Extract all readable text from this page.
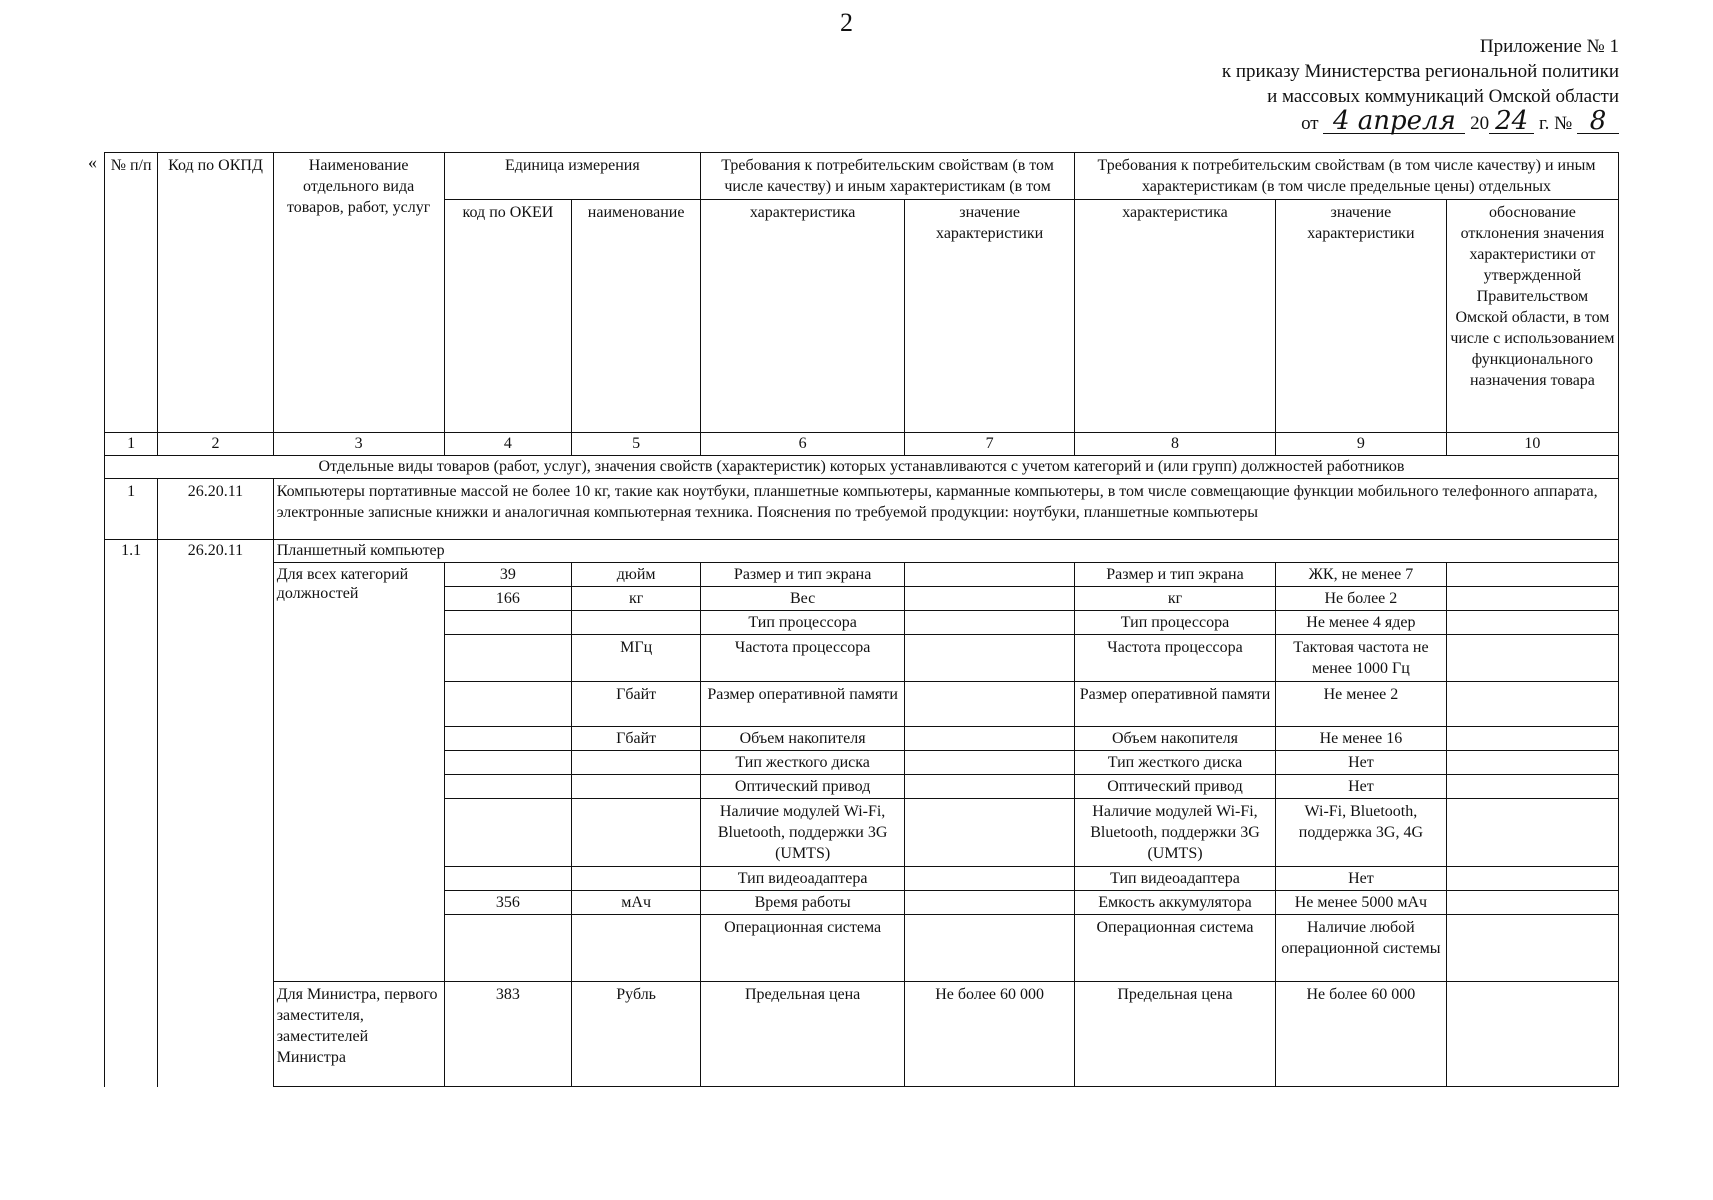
2
Приложение № 1
к приказу Министерства региональной политики
и массовых коммуникаций Омской области
от 4 апреля 20 24 г. № 8
« № п/п	Код по ОКПД	Наименование отдельного вида товаров, работ, услуг	Единица измерения		Требования к потребительским свойствам (в том числе качеству) и иным характеристикам (в том		Требования к потребительским свойствам (в том числе качеству) и иным характеристикам (в том числе предельные цены) отдельных		
			код по ОКЕИ	наименование	характеристика	значение характеристики	характеристика	значение характеристики	обоснование отклонения значения характеристики от утвержденной Правительством Омской области, в том числе с использованием функционального назначения товара
1	2	3	4	5	6	7	8	9	10
Отдельные виды товаров (работ, услуг), значения свойств (характеристик) которых устанавливаются с учетом категорий и (или групп) должностей работников									
1	26.20.11	Компьютеры портативные массой не более 10 кг, такие как ноутбуки, планшетные компьютеры, карманные компьютеры, в том числе совмещающие функции мобильного телефонного аппарата, электронные записные книжки и аналогичная компьютерная техника. Пояснения по требуемой продукции: ноутбуки, планшетные компьютеры							
1.1	26.20.11	Планшетный компьютер							
		Для всех категорий должностей	39	дюйм	Размер и тип экрана		Размер и тип экрана	ЖК, не менее 7	
			166	кг	Вес		кг	Не более 2	
					Тип процессора		Тип процессора	Не менее 4 ядер	
				МГц	Частота процессора		Частота процессора	Тактовая частота не менее 1000 Гц	
				Гбайт	Размер оперативной памяти		Размер оперативной памяти	Не менее 2	
				Гбайт	Объем накопителя		Объем накопителя	Не менее 16	
					Тип жесткого диска		Тип жесткого диска	Нет	
					Оптический привод		Оптический привод	Нет	
					Наличие модулей Wi-Fi, Bluetooth, поддержки 3G (UMTS)		Наличие модулей Wi-Fi, Bluetooth, поддержки 3G (UMTS)	Wi-Fi, Bluetooth, поддержка 3G, 4G	
					Тип видеоадаптера		Тип видеоадаптера	Нет	
			356	мАч	Время работы		Емкость аккумулятора	Не менее 5000 мАч	
					Операционная система		Операционная система	Наличие любой операционной системы	
		Для Министра, первого заместителя, заместителей Министра	383	Рубль	Предельная цена	Не более 60 000	Предельная цена	Не более 60 000	
